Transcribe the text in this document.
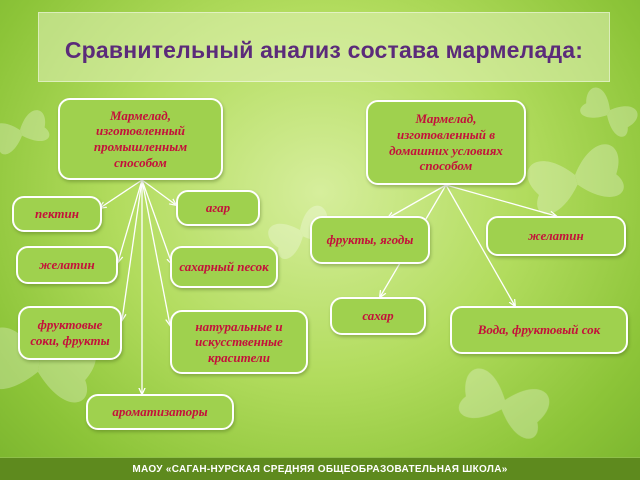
Сравнительный анализ состава мармелада:
Мармелад, изготовленный промышленным способом
Мармелад, изготовленный в домашних условиях способом
агар
пектин
желатин	сахарный песок
фруктовые соки, фрукты
натуральные и искусственные красители
ароматизаторы
фрукты, ягоды	желатин
сахар
Вода, фруктовый сок
МАОУ «САГАН-НУРСКАЯ СРЕДНЯЯ ОБЩЕОБРАЗОВАТЕЛЬНАЯ ШКОЛА»
